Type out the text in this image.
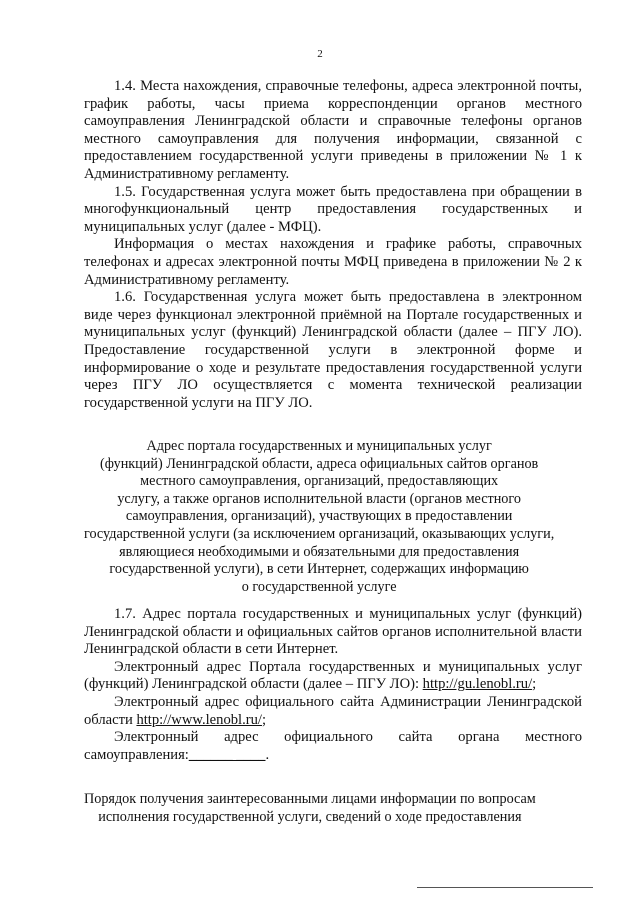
2

1.4. Места нахождения, справочные телефоны, адреса электронной почты, график работы, часы приема корреспонденции органов местного самоуправления Ленинградской области и справочные телефоны органов местного самоуправления для получения информации, связанной с предоставлением государственной услуги приведены в приложении № 1 к Административному регламенту.

1.5. Государственная услуга может быть предоставлена при обращении в многофункциональный центр предоставления государственных и муниципальных услуг (далее - МФЦ).

Информация о местах нахождения и графике работы, справочных телефонах и адресах электронной почты МФЦ приведена в приложении № 2 к Административному регламенту.

1.6. Государственная услуга может быть предоставлена в электронном виде через функционал электронной приёмной на Портале государственных и муниципальных услуг (функций) Ленинградской области (далее – ПГУ ЛО). Предоставление государственной услуги в электронной форме и информирование о ходе и результате предоставления государственной услуги через ПГУ ЛО осуществляется с момента технической реализации государственной услуги на ПГУ ЛО.

Адрес портала государственных и муниципальных услуг
(функций) Ленинградской области, адреса официальных сайтов органов
местного самоуправления, организаций, предоставляющих
услугу, а также органов исполнительной власти (органов местного
самоуправления, организаций), участвующих в предоставлении
государственной услуги (за исключением организаций, оказывающих услуги,
являющиеся необходимыми и обязательными для предоставления
государственной услуги), в сети Интернет, содержащих информацию
о государственной услуге

1.7. Адрес портала государственных и муниципальных услуг (функций) Ленинградской области и официальных сайтов органов исполнительной власти Ленинградской области в сети Интернет.

Электронный адрес Портала государственных и муниципальных услуг (функций) Ленинградской области (далее – ПГУ ЛО): http://gu.lenobl.ru/;

Электронный адрес официального сайта Администрации Ленинградской области http://www.lenobl.ru/;

Электронный адрес официального сайта органа местного самоуправления:______ ____.

Порядок получения заинтересованными лицами информации по вопросам
исполнения государственной услуги, сведений о ходе предоставления
